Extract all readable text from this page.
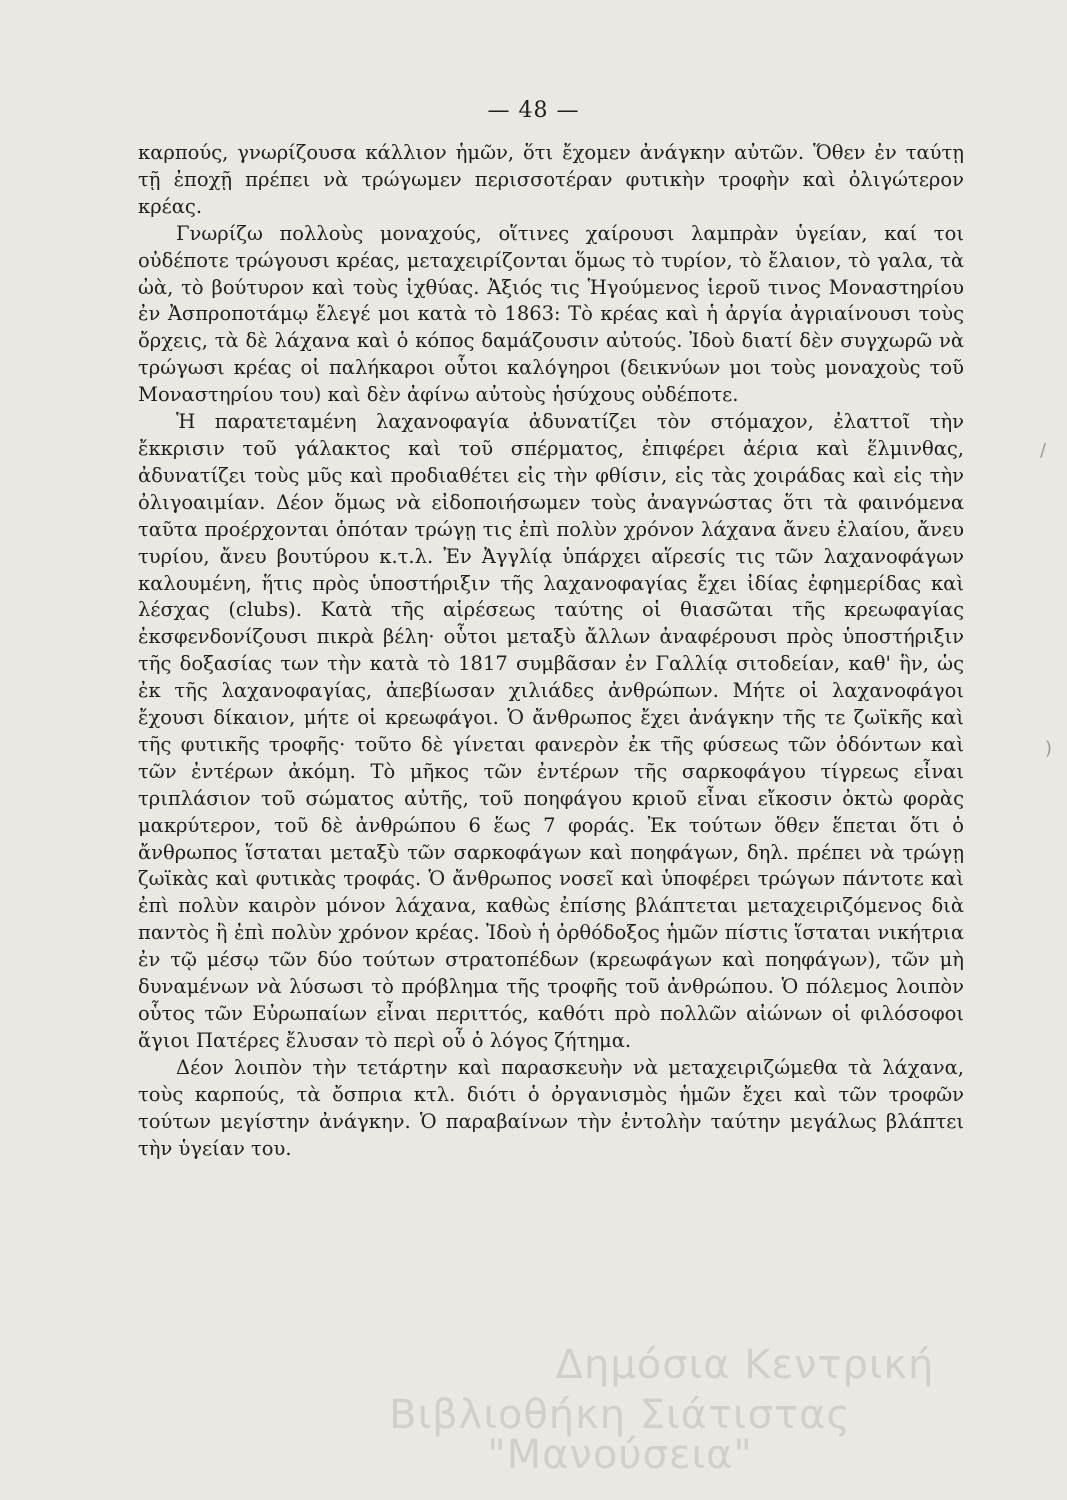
— 48 —

καρπούς, γνωρίζουσα κάλλιον ἡμῶν, ὅτι ἔχομεν ἀνάγκην αὐτῶν. Ὅθεν ἐν ταύτῃ τῇ ἐποχῇ πρέπει νὰ τρώγωμεν περισσοτέραν φυτικὴν τροφὴν καὶ ὀλιγώτερον κρέας.

Γνωρίζω πολλοὺς μοναχούς, οἵτινες χαίρουσι λαμπρὰν ὑγείαν, καί τοι οὐδέποτε τρώγουσι κρέας, μεταχειρίζονται ὅμως τὸ τυρίον, τὸ ἔλαιον, τὸ γαλα, τὰ ὠὰ, τὸ βούτυρον καὶ τοὺς ἰχθύας. Ἀξιός τις Ἡγούμενος ἱεροῦ τινος Μοναστηρίου ἐν Ἀσπροποτάμῳ ἔλεγέ μοι κατὰ τὸ 1863: Τὸ κρέας καὶ ἡ ἀργία ἀγριαίνουσι τοὺς ὄρχεις, τὰ δὲ λάχανα καὶ ὁ κόπος δαμάζουσιν αὐτούς. Ἰδοὺ διατί δὲν συγχωρῶ νὰ τρώγωσι κρέας οἱ παλήκαροι οὗτοι καλόγηροι (δεικνύων μοι τοὺς μοναχοὺς τοῦ Μοναστηρίου του) καὶ δὲν ἀφίνω αὐτοὺς ἡσύχους οὐδέποτε.

Ἡ παρατεταμένη λαχανοφαγία ἀδυνατίζει τὸν στόμαχον, ἐλαττοῖ τὴν ἔκκρισιν τοῦ γάλακτος καὶ τοῦ σπέρματος, ἐπιφέρει ἀέρια καὶ ἕλμινθας, ἀδυνατίζει τοὺς μῦς καὶ προδιαθέτει εἰς τὴν φθίσιν, εἰς τὰς χοιράδας καὶ εἰς τὴν ὀλιγοαιμίαν. Δέον ὅμως νὰ εἰδοποιήσωμεν τοὺς ἀναγνώστας ὅτι τὰ φαινόμενα ταῦτα προέρχονται ὁπόταν τρώγῃ τις ἐπὶ πολὺν χρόνον λάχανα ἄνευ ἐλαίου, ἄνευ τυρίου, ἄνευ βουτύρου κ.τ.λ. Ἐν Ἀγγλίᾳ ὑπάρχει αἵρεσίς τις τῶν λαχανοφάγων καλουμένη, ἥτις πρὸς ὑποστήριξιν τῆς λαχανοφαγίας ἔχει ἰδίας ἐφημερίδας καὶ λέσχας (clubs). Κατὰ τῆς αἱρέσεως ταύτης οἱ θιασῶται τῆς κρεωφαγίας ἐκσφενδονίζουσι πικρὰ βέλη· οὗτοι μεταξὺ ἄλλων ἀναφέρουσι πρὸς ὑποστήριξιν τῆς δοξασίας των τὴν κατὰ τὸ 1817 συμβᾶσαν ἐν Γαλλίᾳ σιτοδείαν, καθ' ἣν, ὡς ἐκ τῆς λαχανοφαγίας, ἀπεβίωσαν χιλιάδες ἀνθρώπων. Μήτε οἱ λαχανοφάγοι ἔχουσι δίκαιον, μήτε οἱ κρεωφάγοι. Ὁ ἄνθρωπος ἔχει ἀνάγκην τῆς τε ζωϊκῆς καὶ τῆς φυτικῆς τροφῆς· τοῦτο δὲ γίνεται φανερὸν ἐκ τῆς φύσεως τῶν ὀδόντων καὶ τῶν ἐντέρων ἀκόμη. Τὸ μῆκος τῶν ἐντέρων τῆς σαρκοφάγου τίγρεως εἶναι τριπλάσιον τοῦ σώματος αὐτῆς, τοῦ ποηφάγου κριοῦ εἶναι εἴκοσιν ὀκτὼ φορὰς μακρύτερον, τοῦ δὲ ἀνθρώπου 6 ἕως 7 φοράς. Ἐκ τούτων ὅθεν ἕπεται ὅτι ὁ ἄνθρωπος ἵσταται μεταξὺ τῶν σαρκοφάγων καὶ ποηφάγων, δηλ. πρέπει νὰ τρώγῃ ζωϊκὰς καὶ φυτικὰς τροφάς. Ὁ ἄνθρωπος νοσεῖ καὶ ὑποφέρει τρώγων πάντοτε καὶ ἐπὶ πολὺν καιρὸν μόνον λάχανα, καθὼς ἐπίσης βλάπτεται μεταχειριζόμενος διὰ παντὸς ἢ ἐπὶ πολὺν χρόνον κρέας. Ἰδοὺ ἡ ὀρθόδοξος ἡμῶν πίστις ἵσταται νικήτρια ἐν τῷ μέσῳ τῶν δύο τούτων στρατοπέδων (κρεωφάγων καὶ ποηφάγων), τῶν μὴ δυναμένων νὰ λύσωσι τὸ πρόβλημα τῆς τροφῆς τοῦ ἀνθρώπου. Ὁ πόλεμος λοιπὸν οὗτος τῶν Εὐρωπαίων εἶναι περιττός, καθότι πρὸ πολλῶν αἰώνων οἱ φιλόσοφοι ἅγιοι Πατέρες ἔλυσαν τὸ περὶ οὗ ὁ λόγος ζήτημα.

Δέον λοιπὸν τὴν τετάρτην καὶ παρασκευὴν νὰ μεταχειριζώμεθα τὰ λάχανα, τοὺς καρπούς, τὰ ὄσπρια κτλ. διότι ὁ ὀργανισμὸς ἡμῶν ἔχει καὶ τῶν τροφῶν τούτων μεγίστην ἀνάγκην. Ὁ παραβαίνων τὴν ἐντολὴν ταύτην μεγάλως βλάπτει τὴν ὑγείαν του.

/
)
Δημόσια Κεντρική
Βιβλιοθήκη Σιάτιστας "Μανούσεια"
